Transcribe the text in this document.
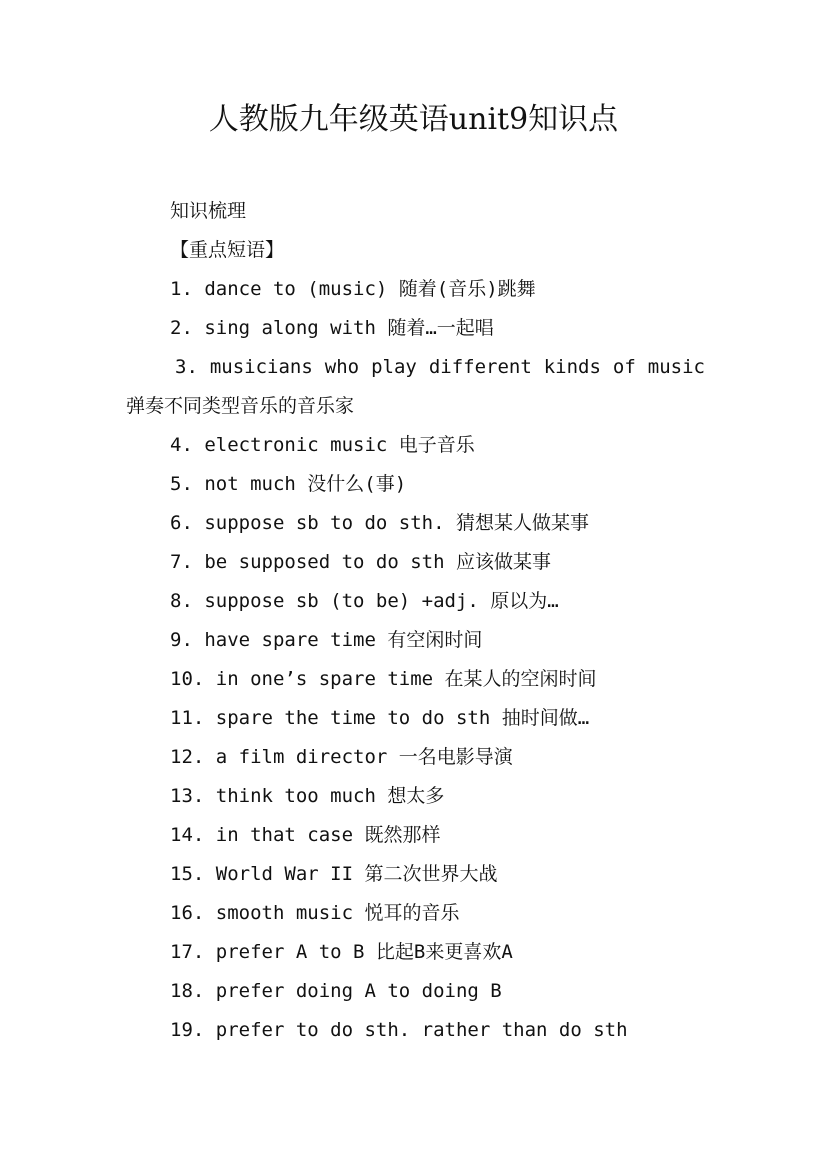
人教版九年级英语unit9知识点
知识梳理
【重点短语】
1. dance to (music) 随着(音乐)跳舞
2. sing along with 随着…一起唱
3. musicians who play different kinds of music
弹奏不同类型音乐的音乐家
4. electronic music 电子音乐
5. not much 没什么(事)
6. suppose sb to do sth. 猜想某人做某事
7. be supposed to do sth 应该做某事
8. suppose sb (to be) +adj. 原以为…
9. have spare time 有空闲时间
10. in one’s spare time 在某人的空闲时间
11. spare the time to do sth 抽时间做…
12. a film director 一名电影导演
13. think too much 想太多
14. in that case 既然那样
15. World War II 第二次世界大战
16. smooth music 悦耳的音乐
17. prefer A to B 比起B来更喜欢A
18. prefer doing A to doing B
19. prefer to do sth. rather than do sth
